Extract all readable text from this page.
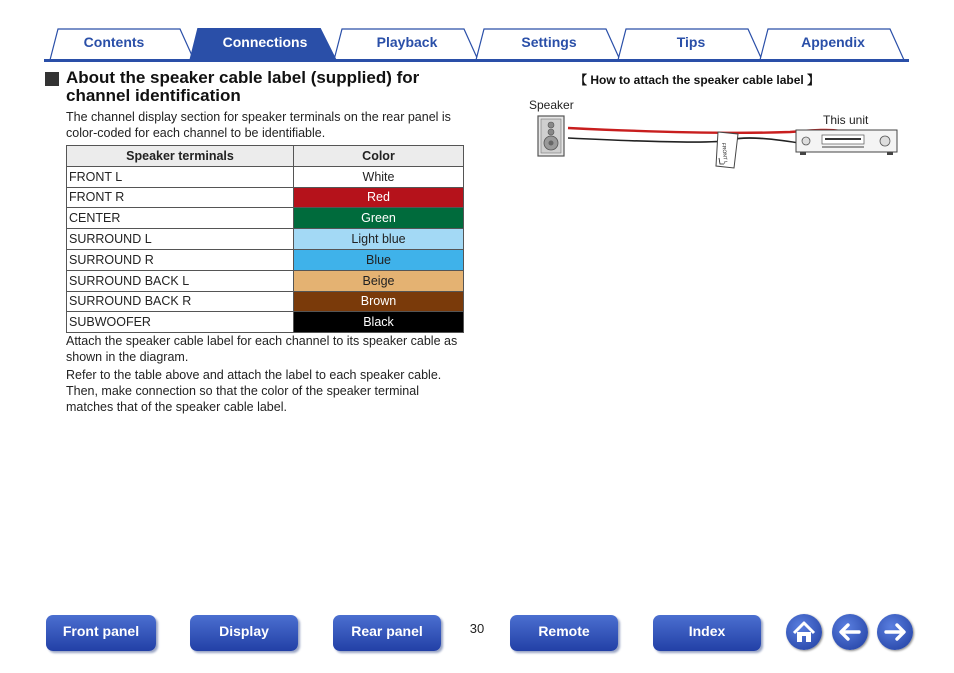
Contents	Connections	Playback	Settings	Tips	Appendix
About the speaker cable label (supplied) for channel identification
The channel display section for speaker terminals on the rear panel is color-coded for each channel to be identifiable.
Speaker terminals	Color
FRONT L	White
FRONT R	Red
CENTER	Green
SURROUND L	Light blue
SURROUND R	Blue
SURROUND BACK L	Beige
SURROUND BACK R	Brown
SUBWOOFER	Black
Attach the speaker cable label for each channel to its speaker cable as shown in the diagram.
Refer to the table above and attach the label to each speaker cable. Then, make connection so that the color of the speaker terminal matches that of the speaker cable label.
【 How to attach the speaker cable label 】
Speaker
This unit
FRONT L
Front panel	Display	Rear panel	30	Remote	Index
